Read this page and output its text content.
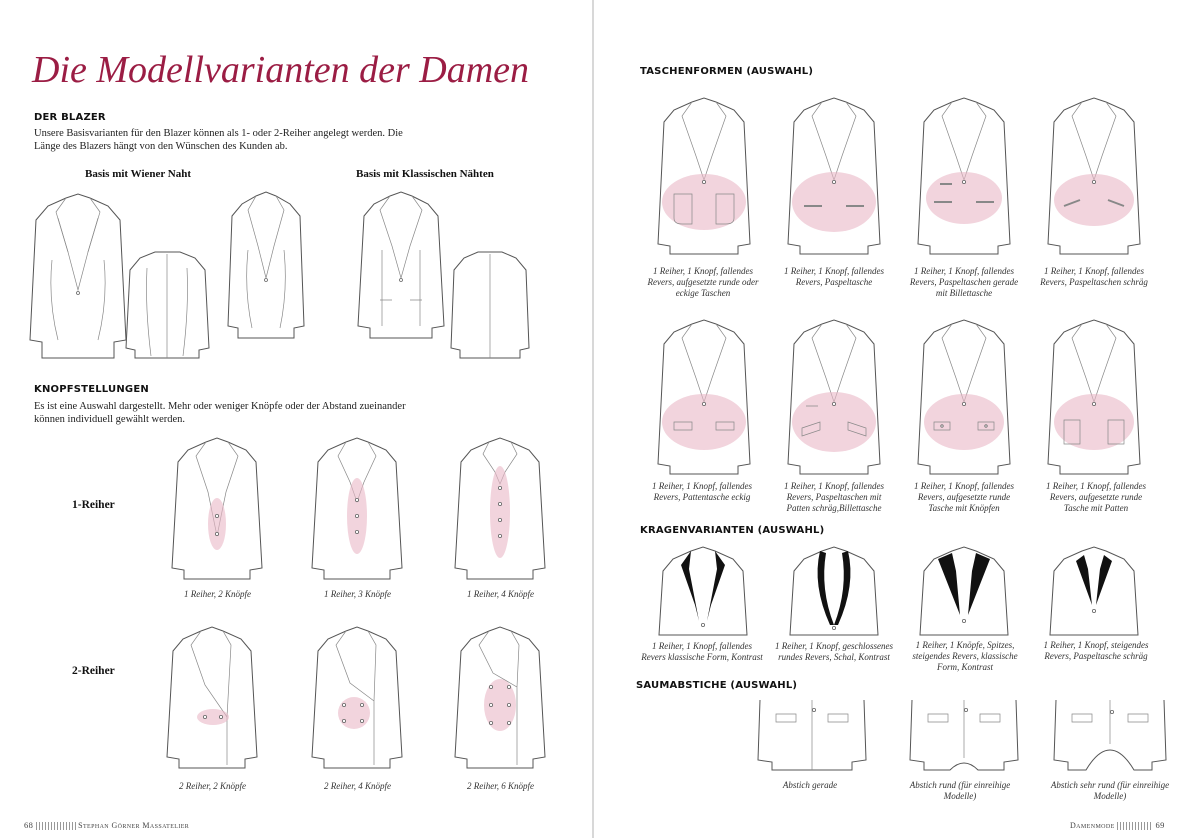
Die Modellvarianten der Damen
DER BLAZER
Unsere Basisvarianten für den Blazer können als 1- oder 2-Reiher angelegt werden. Die Länge des Blazers hängt von den Wünschen des Kunden ab.
Basis mit Wiener Naht	Basis mit Klassischen Nähten
KNOPFSTELLUNGEN
Es ist eine Auswahl dargestellt. Mehr oder weniger Knöpfe oder der Abstand zueinander können individuell gewählt werden.
1-Reiher
2-Reiher
1 Reiher, 2 Knöpfe	1 Reiher, 3 Knöpfe	1 Reiher, 4 Knöpfe
2 Reiher, 2 Knöpfe	2 Reiher, 4 Knöpfe	2 Reiher, 6 Knöpfe
68	Stephan Görner Massatelier
TASCHENFORMEN (AUSWAHL)
1 Reiher, 1 Knopf, fallendes Revers, aufgesetzte runde oder eckige Taschen
1 Reiher, 1 Knopf, fallendes Revers, Paspeltasche
1 Reiher, 1 Knopf, fallendes Revers, Paspeltaschen gerade mit Billettasche
1 Reiher, 1 Knopf, fallendes Revers, Paspeltaschen schräg
1 Reiher, 1 Knopf, fallendes Revers, Pattentasche eckig
1 Reiher, 1 Knopf, fallendes Revers, Paspeltaschen mit Patten schräg,Billettasche
1 Reiher, 1 Knopf, fallendes Revers, aufgesetzte runde Tasche mit Knöpfen
1 Reiher, 1 Knopf, fallendes Revers, aufgesetzte runde Tasche mit Patten
KRAGENVARIANTEN (AUSWAHL)
1 Reiher, 1 Knopf, fallendes Revers klassische Form, Kontrast
1 Reiher, 1 Knopf, geschlossenes rundes Revers, Schal, Kontrast
1 Reiher, 1 Knöpfe, Spitzes, steigendes Revers, klassische Form, Kontrast
1 Reiher, 1 Knopf, steigendes Revers, Paspeltasche schräg
SAUMABSTICHE (AUSWAHL)
Abstich gerade	Abstich rund (für einreihige Modelle)
Abstich sehr rund (für einreihige Modelle)
Damenmode	69
